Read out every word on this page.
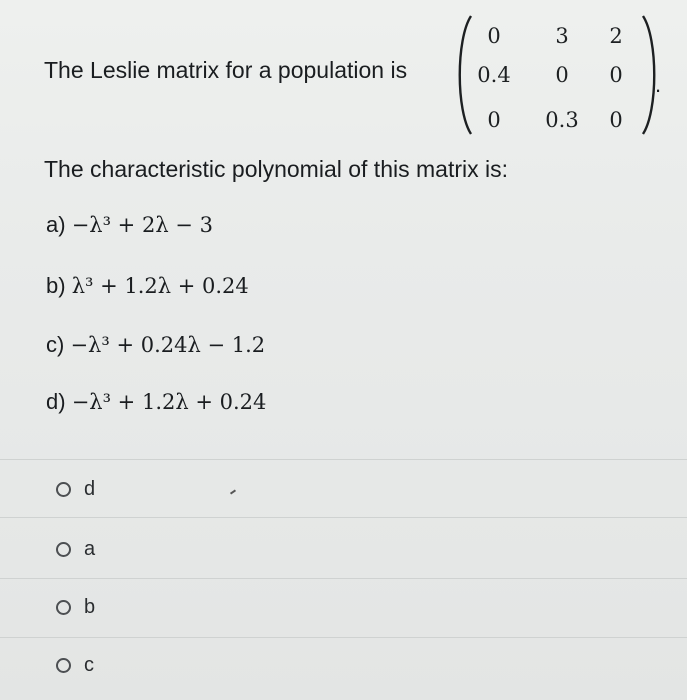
The Leslie matrix for a population is
0	3	2
0.4	0	0
0	0.3	0
.
The characteristic polynomial of this matrix is:
a) −λ³ + 2λ − 3
b) λ³ + 1.2λ + 0.24
c) −λ³ + 0.24λ − 1.2
d) −λ³ + 1.2λ + 0.24
d
a
b
c
